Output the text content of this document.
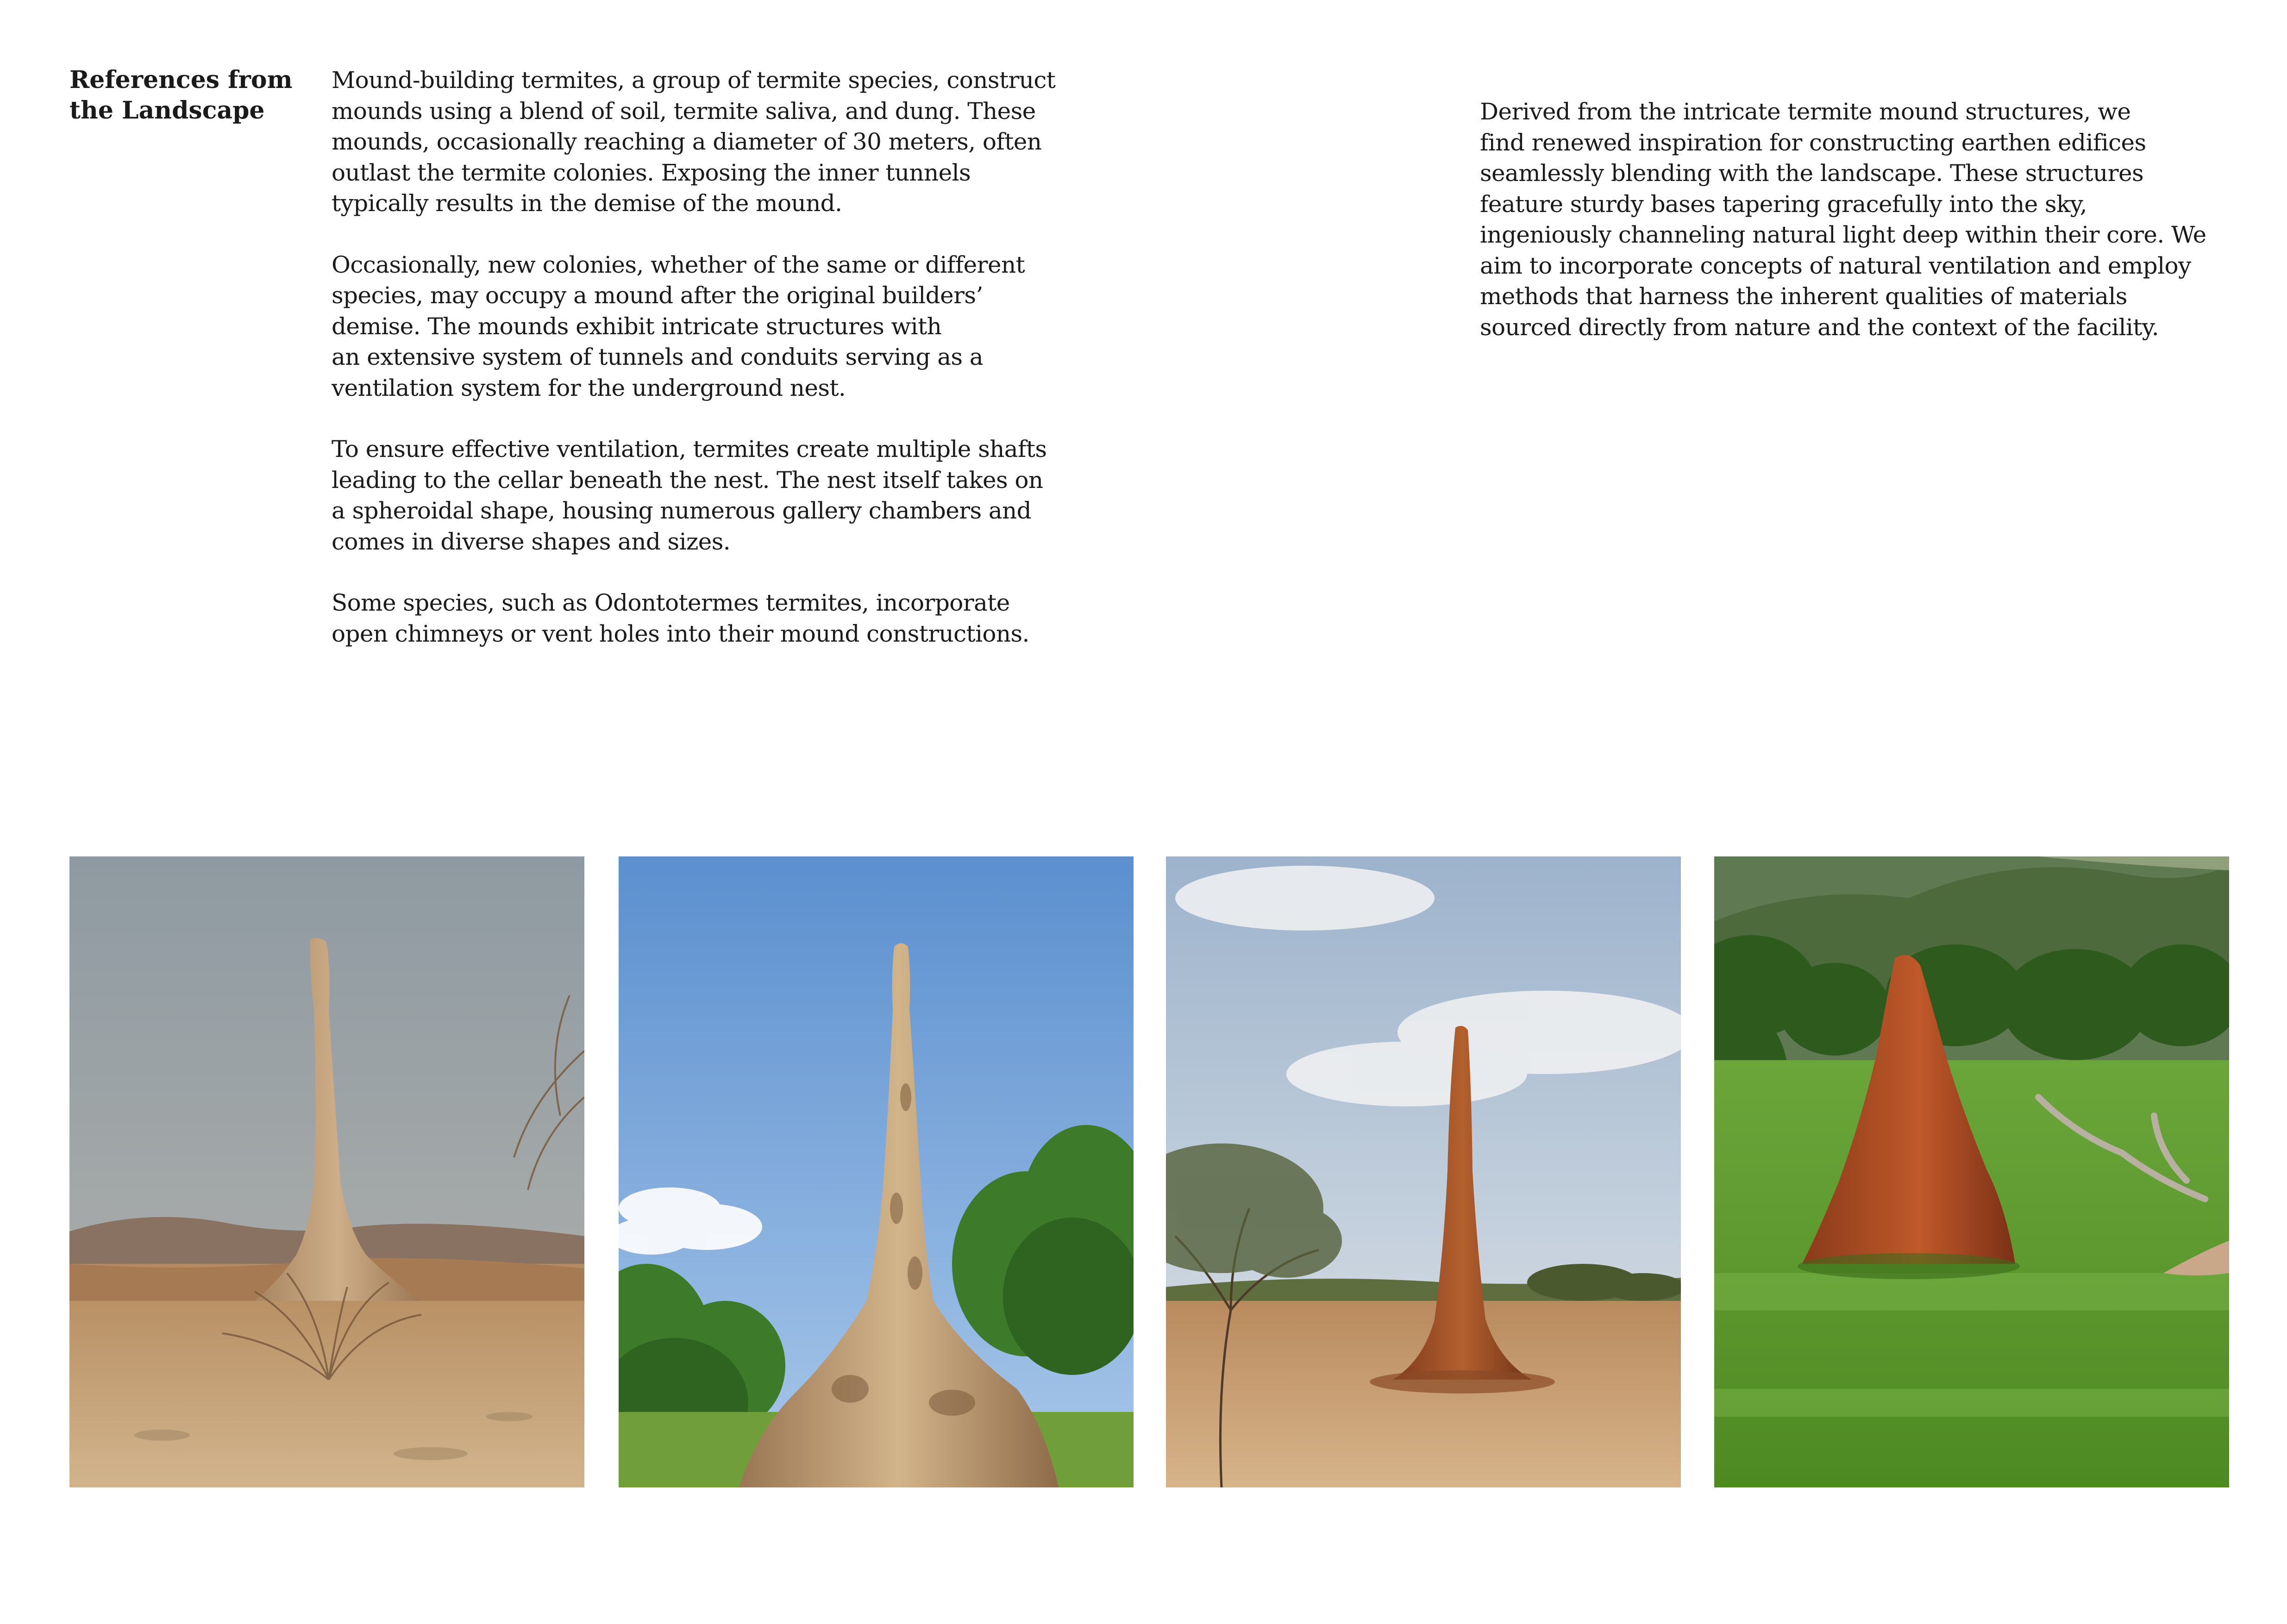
References from
the Landscape

Mound-building termites, a group of termite species, construct
mounds using a blend of soil, termite saliva, and dung. These
mounds, occasionally reaching a diameter of 30 meters, often
outlast the termite colonies. Exposing the inner tunnels
typically results in the demise of the mound.

Occasionally, new colonies, whether of the same or different
species, may occupy a mound after the original builders’
demise. The mounds exhibit intricate structures with
an extensive system of tunnels and conduits serving as a
ventilation system for the underground nest.

To ensure effective ventilation, termites create multiple shafts
leading to the cellar beneath the nest. The nest itself takes on
a spheroidal shape, housing numerous gallery chambers and
comes in diverse shapes and sizes.

Some species, such as Odontotermes termites, incorporate
open chimneys or vent holes into their mound constructions.

Derived from the intricate termite mound structures, we
find renewed inspiration for constructing earthen edifices
seamlessly blending with the landscape. These structures
feature sturdy bases tapering gracefully into the sky,
ingeniously channeling natural light deep within their core. We
aim to incorporate concepts of natural ventilation and employ
methods that harness the inherent qualities of materials
sourced directly from nature and the context of the facility.
